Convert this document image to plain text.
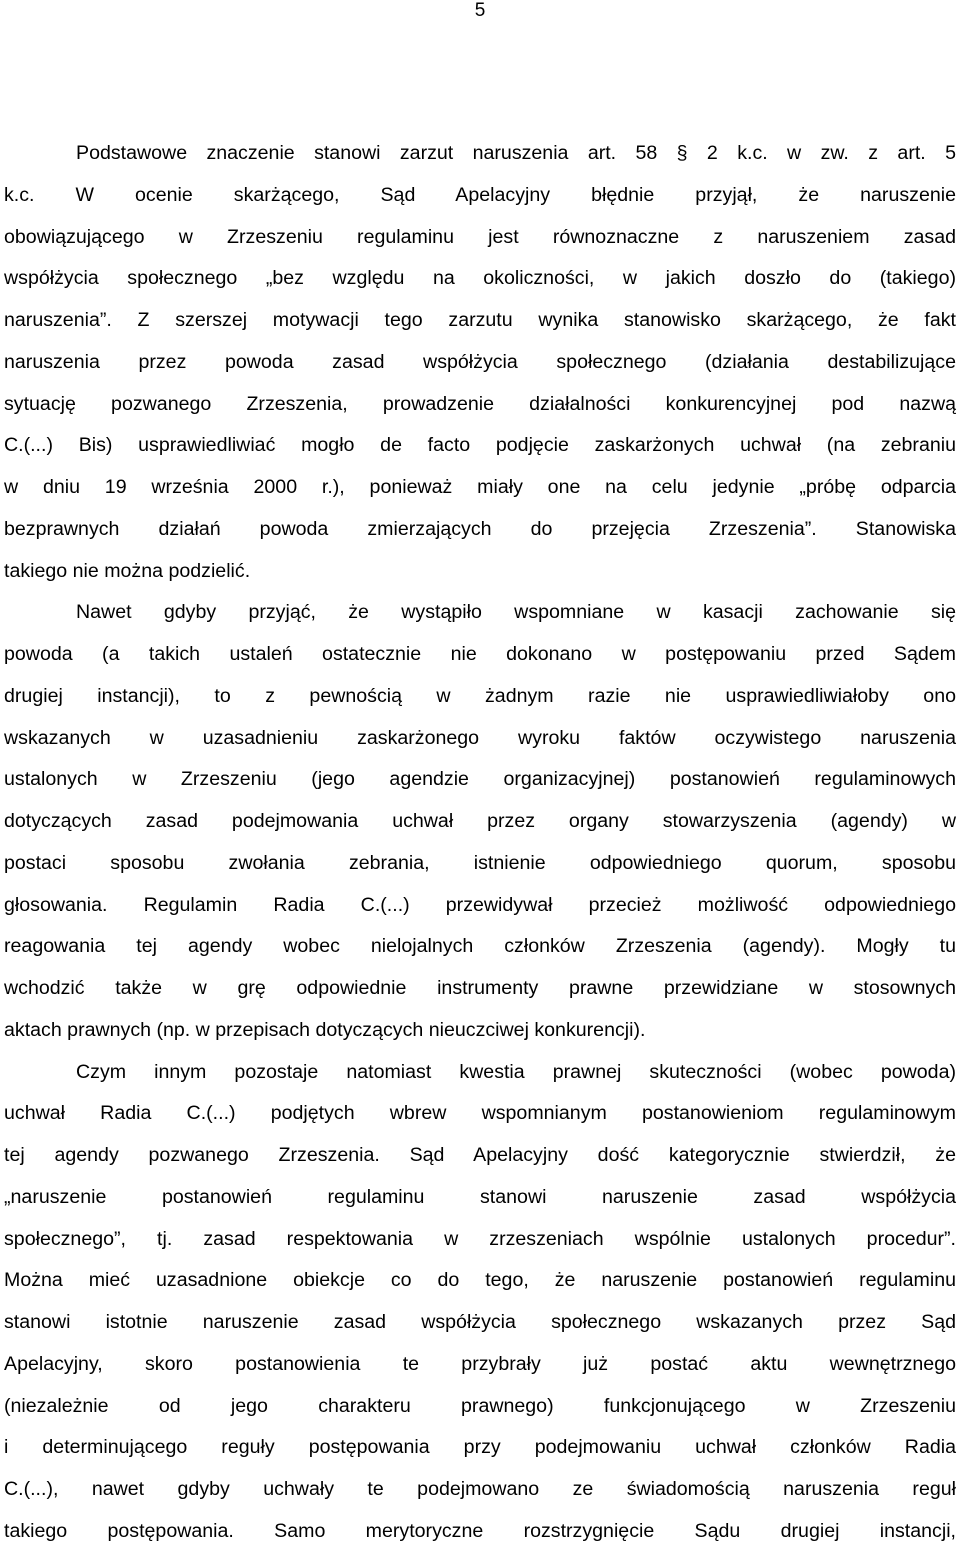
5
Podstawowe znaczenie stanowi zarzut naruszenia art. 58 § 2 k.c. w zw. z art. 5
k.c. W ocenie skarżącego, Sąd Apelacyjny błędnie przyjął, że naruszenie
obowiązującego w Zrzeszeniu regulaminu jest równoznaczne z naruszeniem zasad
współżycia społecznego „bez względu na okoliczności, w jakich doszło do (takiego)
naruszenia”. Z szerszej motywacji tego zarzutu wynika stanowisko skarżącego, że fakt
naruszenia przez powoda zasad współżycia społecznego (działania destabilizujące
sytuację pozwanego Zrzeszenia, prowadzenie działalności konkurencyjnej pod nazwą
C.(...) Bis) usprawiedliwiać mogło de facto podjęcie zaskarżonych uchwał (na zebraniu
w dniu 19 września 2000 r.), ponieważ miały one na celu jedynie „próbę odparcia
bezprawnych działań powoda zmierzających do przejęcia Zrzeszenia”. Stanowiska
takiego nie można podzielić.
Nawet gdyby przyjąć, że wystąpiło wspomniane w kasacji zachowanie się
powoda (a takich ustaleń ostatecznie nie dokonano w postępowaniu przed Sądem
drugiej instancji), to z pewnością w żadnym razie nie usprawiedliwiałoby ono
wskazanych w uzasadnieniu zaskarżonego wyroku faktów oczywistego naruszenia
ustalonych w Zrzeszeniu (jego agendzie organizacyjnej) postanowień regulaminowych
dotyczących zasad podejmowania uchwał przez organy stowarzyszenia (agendy) w
postaci sposobu zwołania zebrania, istnienie odpowiedniego quorum, sposobu
głosowania. Regulamin Radia C.(...) przewidywał przecież możliwość odpowiedniego
reagowania tej agendy wobec nielojalnych członków Zrzeszenia (agendy). Mogły tu
wchodzić także w grę odpowiednie instrumenty prawne przewidziane w stosownych
aktach prawnych (np. w przepisach dotyczących nieuczciwej konkurencji).
Czym innym pozostaje natomiast kwestia prawnej skuteczności (wobec powoda)
uchwał Radia C.(...) podjętych wbrew wspomnianym postanowieniom regulaminowym
tej agendy pozwanego Zrzeszenia. Sąd Apelacyjny dość kategorycznie stwierdził, że
„naruszenie postanowień regulaminu stanowi naruszenie zasad współżycia
społecznego”, tj. zasad respektowania w zrzeszeniach wspólnie ustalonych procedur”.
Można mieć uzasadnione obiekcje co do tego, że naruszenie postanowień regulaminu
stanowi istotnie naruszenie zasad współżycia społecznego wskazanych przez Sąd
Apelacyjny, skoro postanowienia te przybrały już postać aktu wewnętrznego
(niezależnie od jego charakteru prawnego) funkcjonującego w Zrzeszeniu
i determinującego reguły postępowania przy podejmowaniu uchwał członków Radia
C.(...), nawet gdyby uchwały te podejmowano ze świadomością naruszenia reguł
takiego postępowania. Samo merytoryczne rozstrzygnięcie Sądu drugiej instancji,
